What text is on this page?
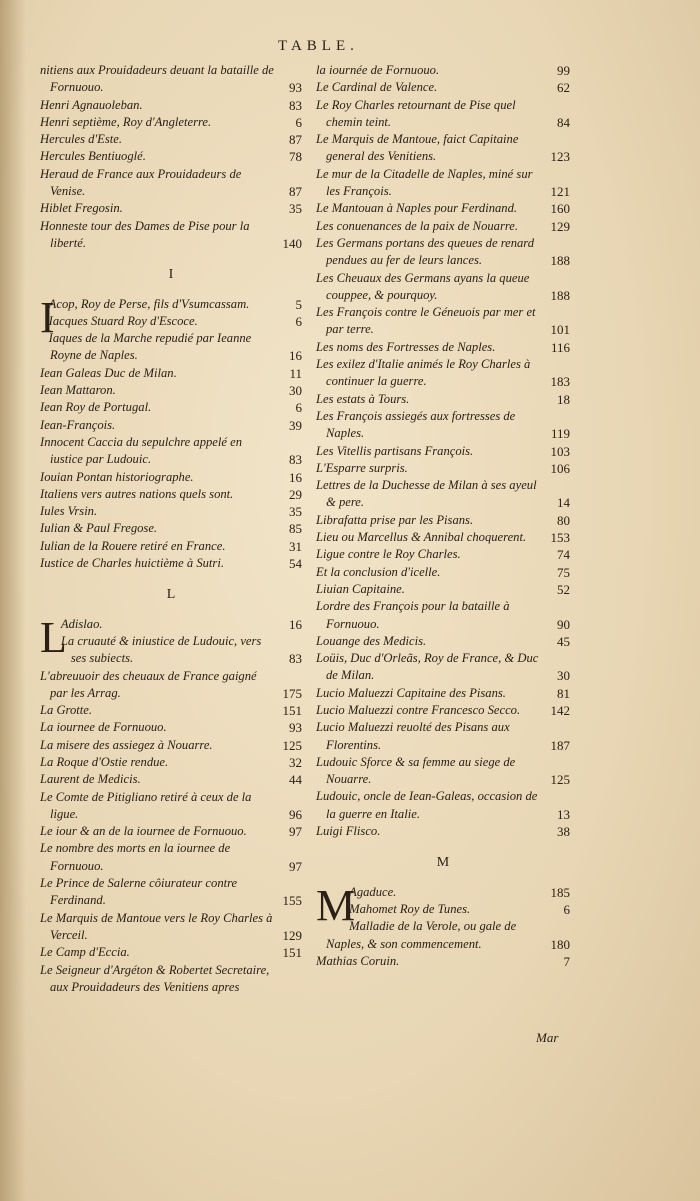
TABLE.
nitiens aux Prouidadeurs deuant la bataille de Fornuouo.	93
Henri Agnauoleban.	83
Henri septième, Roy d'Angleterre.	6
Hercules d'Este.	87
Hercules Bentiuoglé.	78
Heraud de France aux Prouidadeurs de Venise.	87
Hiblet Fregosin.	35
Honneste tour des Dames de Pise pour la liberté.	140
I
I
Acop, Roy de Perse, fils d'Vsumcassam.	5
Iacques Stuard Roy d'Escoce.	6
Iaques de la Marche repudié par Ieanne Royne de Naples.	16
Iean Galeas Duc de Milan.	11
Iean Mattaron.	30
Iean Roy de Portugal.	6
Iean-François.	39
Innocent Caccia du sepulchre appelé en iustice par Ludouic.	83
Iouian Pontan historiographe.	16
Italiens vers autres nations quels sont.	29
Iules Vrsin.	35
Iulian & Paul Fregose.	85
Iulian de la Rouere retiré en France.	31
Iustice de Charles huictième à Sutri.	54
L
L
Adislao.	16
La cruauté & iniustice de Ludouic, vers ses subiects.	83
L'abreuuoir des cheuaux de France gaigné par les Arrag.	175
La Grotte.	151
La iournee de Fornuouo.	93
La misere des assiegez à Nouarre.	125
La Roque d'Ostie rendue.	32
Laurent de Medicis.	44
Le Comte de Pitigliano retiré à ceux de la ligue.	96
Le iour & an de la iournee de Fornuouo.	97
Le nombre des morts en la iournee de Fornuouo.	97
Le Prince de Salerne côiurateur contre Ferdinand.	155
Le Marquis de Mantoue vers le Roy Charles à Verceil.	129
Le Camp d'Eccia.	151
Le Seigneur d'Argéton & Robertet Secretaire, aux Prouidadeurs des Venitiens apres
la iournée de Fornuouo.	99
Le Cardinal de Valence.	62
Le Roy Charles retournant de Pise quel chemin teint.	84
Le Marquis de Mantoue, faict Capitaine general des Venitiens.	123
Le mur de la Citadelle de Naples, miné sur les François.	121
Le Mantouan à Naples pour Ferdinand.	160
Les conuenances de la paix de Nouarre.	129
Les Germans portans des queues de renard pendues au fer de leurs lances.	188
Les Cheuaux des Germans ayans la queue couppee, & pourquoy.	188
Les François contre le Géneuois par mer et par terre.	101
Les noms des Fortresses de Naples.	116
Les exilez d'Italie animés le Roy Charles à continuer la guerre.	183
Les estats à Tours.	18
Les François assiegés aux fortresses de Naples.	119
Les Vitellis partisans François.	103
L'Esparre surpris.	106
Lettres de la Duchesse de Milan à ses ayeul & pere.	14
Librafatta prise par les Pisans.	80
Lieu ou Marcellus & Annibal choquerent.	153
Ligue contre le Roy Charles.	74
Et la conclusion d'icelle.	75
Liuian Capitaine.	52
Lordre des François pour la bataille à Fornuouo.	90
Louange des Medicis.	45
Loüis, Duc d'Orleãs, Roy de France, & Duc de Milan.	30
Lucio Maluezzi Capitaine des Pisans.	81
Lucio Maluezzi contre Francesco Secco.	142
Lucio Maluezzi reuolté des Pisans aux Florentins.	187
Ludouic Sforce & sa femme au siege de Nouarre.	125
Ludouic, oncle de Iean-Galeas, occasion de la guerre en Italie.	13
Luigi Flisco.	38
M
M
Agaduce.	185
Mahomet Roy de Tunes.	6
Malladie de la Verole, ou gale de Naples, & son commencement.	180
Mathias Coruin.	7
Mar
